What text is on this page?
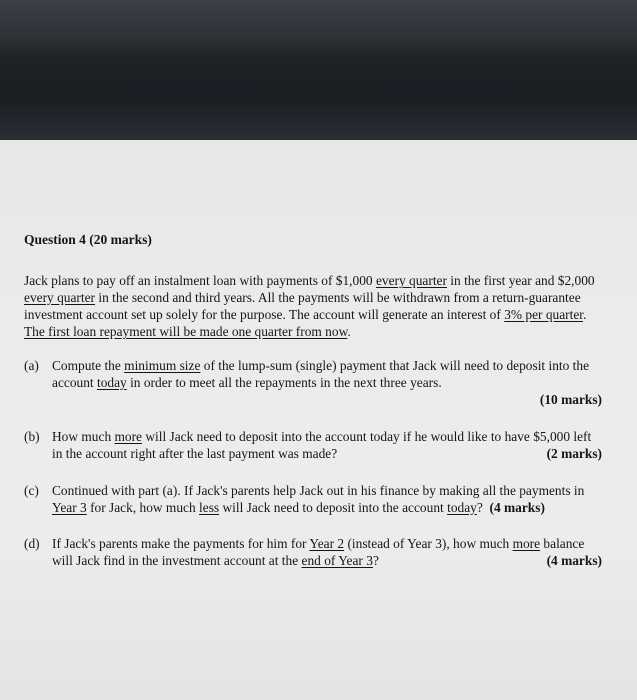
Question 4 (20 marks)
Jack plans to pay off an instalment loan with payments of $1,000 every quarter in the first year and $2,000 every quarter in the second and third years. All the payments will be withdrawn from a return-guarantee investment account set up solely for the purpose. The account will generate an interest of 3% per quarter. The first loan repayment will be made one quarter from now.
(a) Compute the minimum size of the lump-sum (single) payment that Jack will need to deposit into the account today in order to meet all the repayments in the next three years.
(10 marks)
(b) How much more will Jack need to deposit into the account today if he would like to have $5,000 left in the account right after the last payment was made?	(2 marks)
(c) Continued with part (a). If Jack's parents help Jack out in his finance by making all the payments in Year 3 for Jack, how much less will Jack need to deposit into the account today? (4 marks)
(d) If Jack's parents make the payments for him for Year 2 (instead of Year 3), how much more balance will Jack find in the investment account at the end of Year 3?	(4 marks)
